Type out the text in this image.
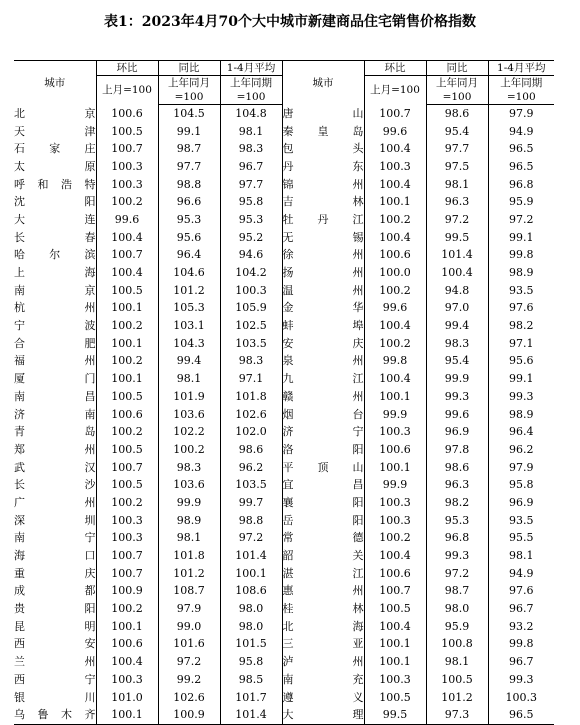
表1：2023年4月70个大中城市新建商品住宅销售价格指数
城市	环比	同比	1-4月平均	城市	环比	同比	1-4月平均
	上月=100	上年同月	上年同期		上月=100	上年同月	上年同期
		=100	=100			=100	=100
北京	100.6	104.5	104.8	唐山	100.7	98.6	97.9
天津	100.5	99.1	98.1	秦皇岛	99.6	95.4	94.9
石家庄	100.7	98.7	98.3	包头	100.4	97.7	96.5
太原	100.3	97.7	96.7	丹东	100.3	97.5	96.5
呼和浩特	100.3	98.8	97.7	锦州	100.4	98.1	96.8
沈阳	100.2	96.6	95.8	吉林	100.1	96.3	95.9
大连	99.6	95.3	95.3	牡丹江	100.2	97.2	97.2
长春	100.4	95.6	95.2	无锡	100.4	99.5	99.1
哈尔滨	100.7	96.4	94.6	徐州	100.6	101.4	99.8
上海	100.4	104.6	104.2	扬州	100.0	100.4	98.9
南京	100.5	101.2	100.3	温州	100.2	94.8	93.5
杭州	100.1	105.3	105.9	金华	99.6	97.0	97.6
宁波	100.2	103.1	102.5	蚌埠	100.4	99.4	98.2
合肥	100.1	104.3	103.5	安庆	100.2	98.3	97.1
福州	100.2	99.4	98.3	泉州	99.8	95.4	95.6
厦门	100.1	98.1	97.1	九江	100.4	99.9	99.1
南昌	100.5	101.9	101.8	赣州	100.1	99.3	99.3
济南	100.6	103.6	102.6	烟台	99.9	99.6	98.9
青岛	100.2	102.2	102.0	济宁	100.3	96.9	96.4
郑州	100.5	100.2	98.6	洛阳	100.6	97.8	96.2
武汉	100.7	98.3	96.2	平顶山	100.1	98.6	97.9
长沙	100.5	103.6	103.5	宜昌	99.9	96.3	95.8
广州	100.2	99.9	99.7	襄阳	100.3	98.2	96.9
深圳	100.3	98.9	98.8	岳阳	100.3	95.3	93.5
南宁	100.3	98.1	97.2	常德	100.2	96.8	95.5
海口	100.7	101.8	101.4	韶关	100.4	99.3	98.1
重庆	100.7	101.2	100.1	湛江	100.6	97.2	94.9
成都	100.9	108.7	108.6	惠州	100.7	98.7	97.6
贵阳	100.2	97.9	98.0	桂林	100.5	98.0	96.7
昆明	100.1	99.0	98.0	北海	100.4	95.9	93.2
西安	100.6	101.6	101.5	三亚	100.1	100.8	99.8
兰州	100.4	97.2	95.8	泸州	100.1	98.1	96.7
西宁	100.3	99.2	98.5	南充	100.3	100.5	99.3
银川	101.0	102.6	101.7	遵义	100.5	101.2	100.3
乌鲁木齐	100.1	100.9	101.4	大理	99.5	97.3	96.5
